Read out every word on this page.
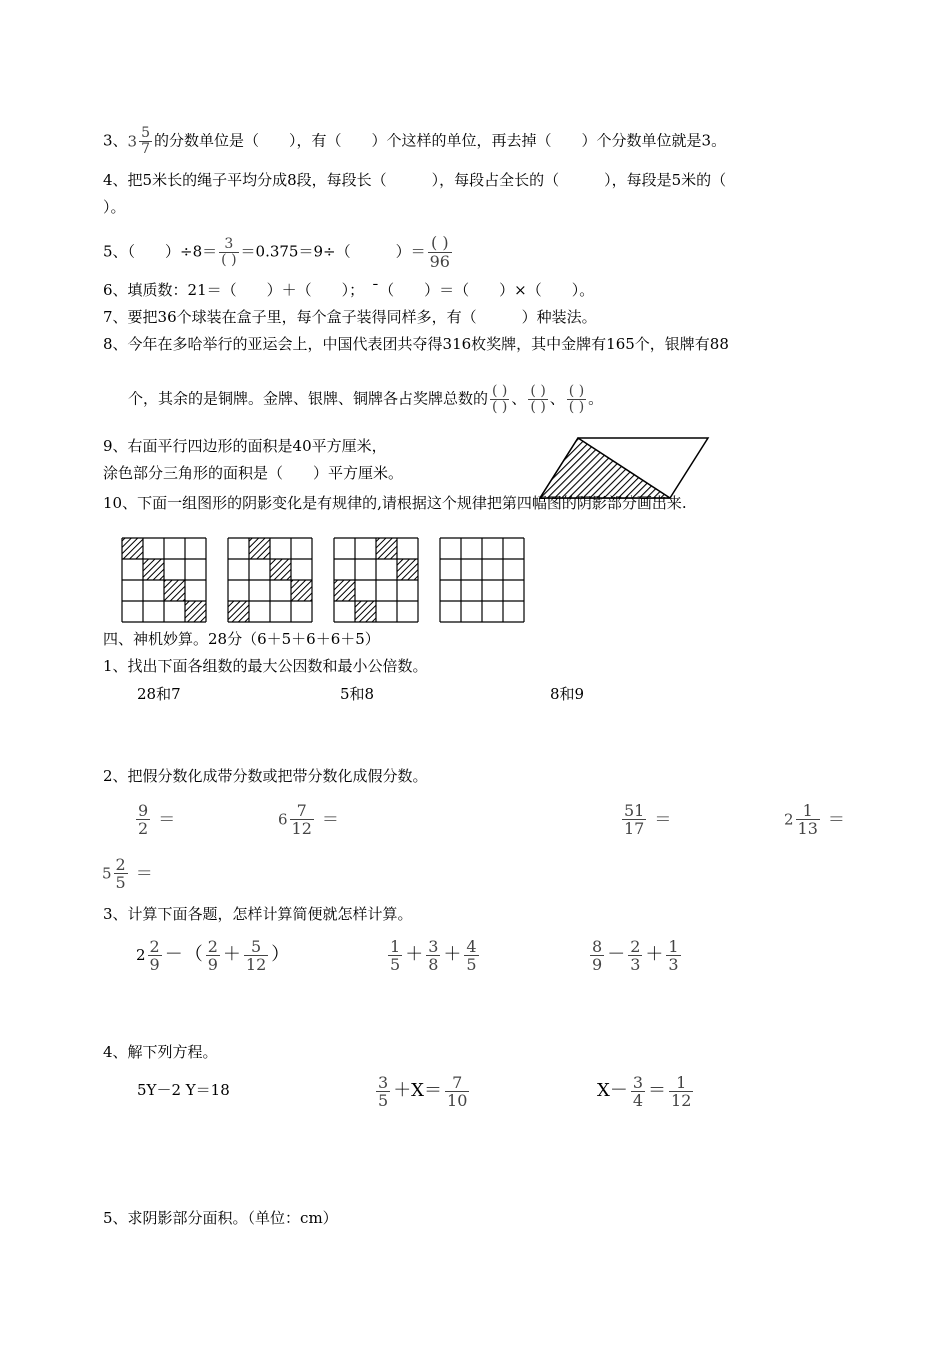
3、$3 \frac{5}{7}$ 的分数单位是（　　），有（　　）个这样的单位，再去掉（　　）个分数单位就是3。
4、把5米长的绳子平均分成8段，每段长（　　　），每段占全长的（　　　），每段是5米的（
）。
5、（　　）$\div 8= \frac{3}{( )} =0.375=9\div$（　　　）＝ $\frac{( )}{96}$
6、填质数：21＝（　　）＋（　　）；　ˉ（　　）＝（　　）×（　　）。
7、要把36个球装在盒子里，每个盒子装得同样多，有（　　　）种装法。
8、今年在多哈举行的亚运会上，中国代表团共夺得316枚奖牌，其中金牌有165个，银牌有88
个，其余的是铜牌。金牌、银牌、铜牌各占奖牌总数的 $\frac{( )}{( )}$ 、 $\frac{( )}{( )}$ 、 $\frac{( )}{( )}$ 。
9、右面平行四边形的面积是40平方厘米，
涂色部分三角形的面积是（　　）平方厘米。
10、下面一组图形的阴影变化是有规律的,请根据这个规律把第四幅图的阴影部分画出来.
四、神机妙算。28分（6＋5＋6＋6＋5）
1、找出下面各组数的最大公因数和最小公倍数。
28和7	5和8	8和9
2、把假分数化成带分数或把带分数化成假分数。
$\frac{9}{2}$ ＝	$6 \frac{7}{12}$ ＝	$\frac{51}{17}$ ＝	$2 \frac{1}{13}$ ＝
$5 \frac{2}{5}$ ＝
3、计算下面各题，怎样计算简便就怎样计算。
$2 \frac{2}{9}$ － （ $\frac{2}{9} + \frac{5}{12}$ ）	$\frac{1}{5} + \frac{3}{8} + \frac{4}{5}$	$\frac{8}{9} - \frac{2}{3} + \frac{1}{3}$
4、解下列方程。
5Y－2 Y＝18	$\frac{3}{5} +X= \frac{7}{10}$	$X- \frac{3}{4} = \frac{1}{12}$
5、求阴影部分面积。（单位：cm）
